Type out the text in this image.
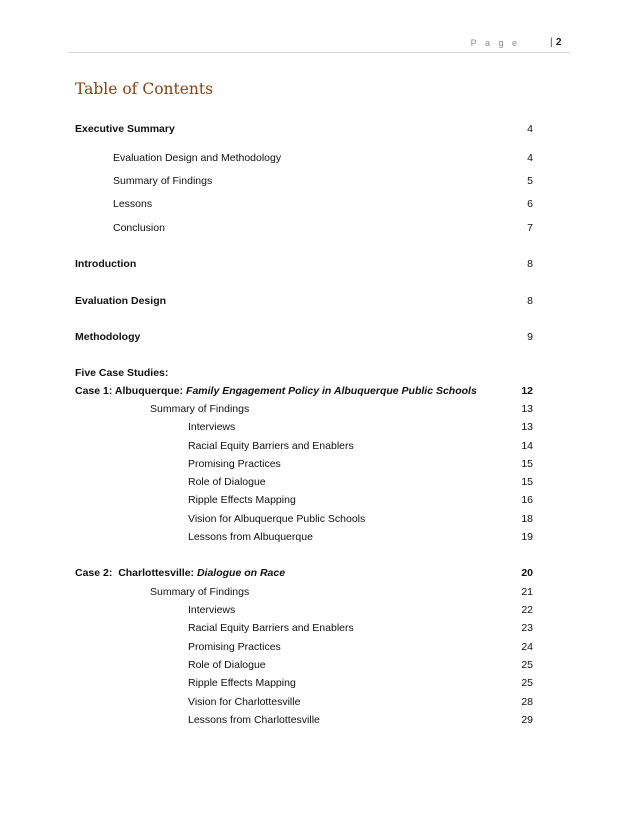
P a g e	| 2
Table of Contents
Executive Summary	4
Evaluation Design and Methodology	4
Summary of Findings	5
Lessons	6
Conclusion	7
Introduction	8
Evaluation Design	8
Methodology	9
Five Case Studies:
Case 1: Albuquerque: Family Engagement Policy in Albuquerque Public Schools	12
Summary of Findings	13
Interviews	13
Racial Equity Barriers and Enablers	14
Promising Practices	15
Role of Dialogue	15
Ripple Effects Mapping	16
Vision for Albuquerque Public Schools	18
Lessons from Albuquerque	19
Case 2:  Charlottesville: Dialogue on Race	20
Summary of Findings	21
Interviews	22
Racial Equity Barriers and Enablers	23
Promising Practices	24
Role of Dialogue	25
Ripple Effects Mapping	25
Vision for Charlottesville	28
Lessons from Charlottesville	29
